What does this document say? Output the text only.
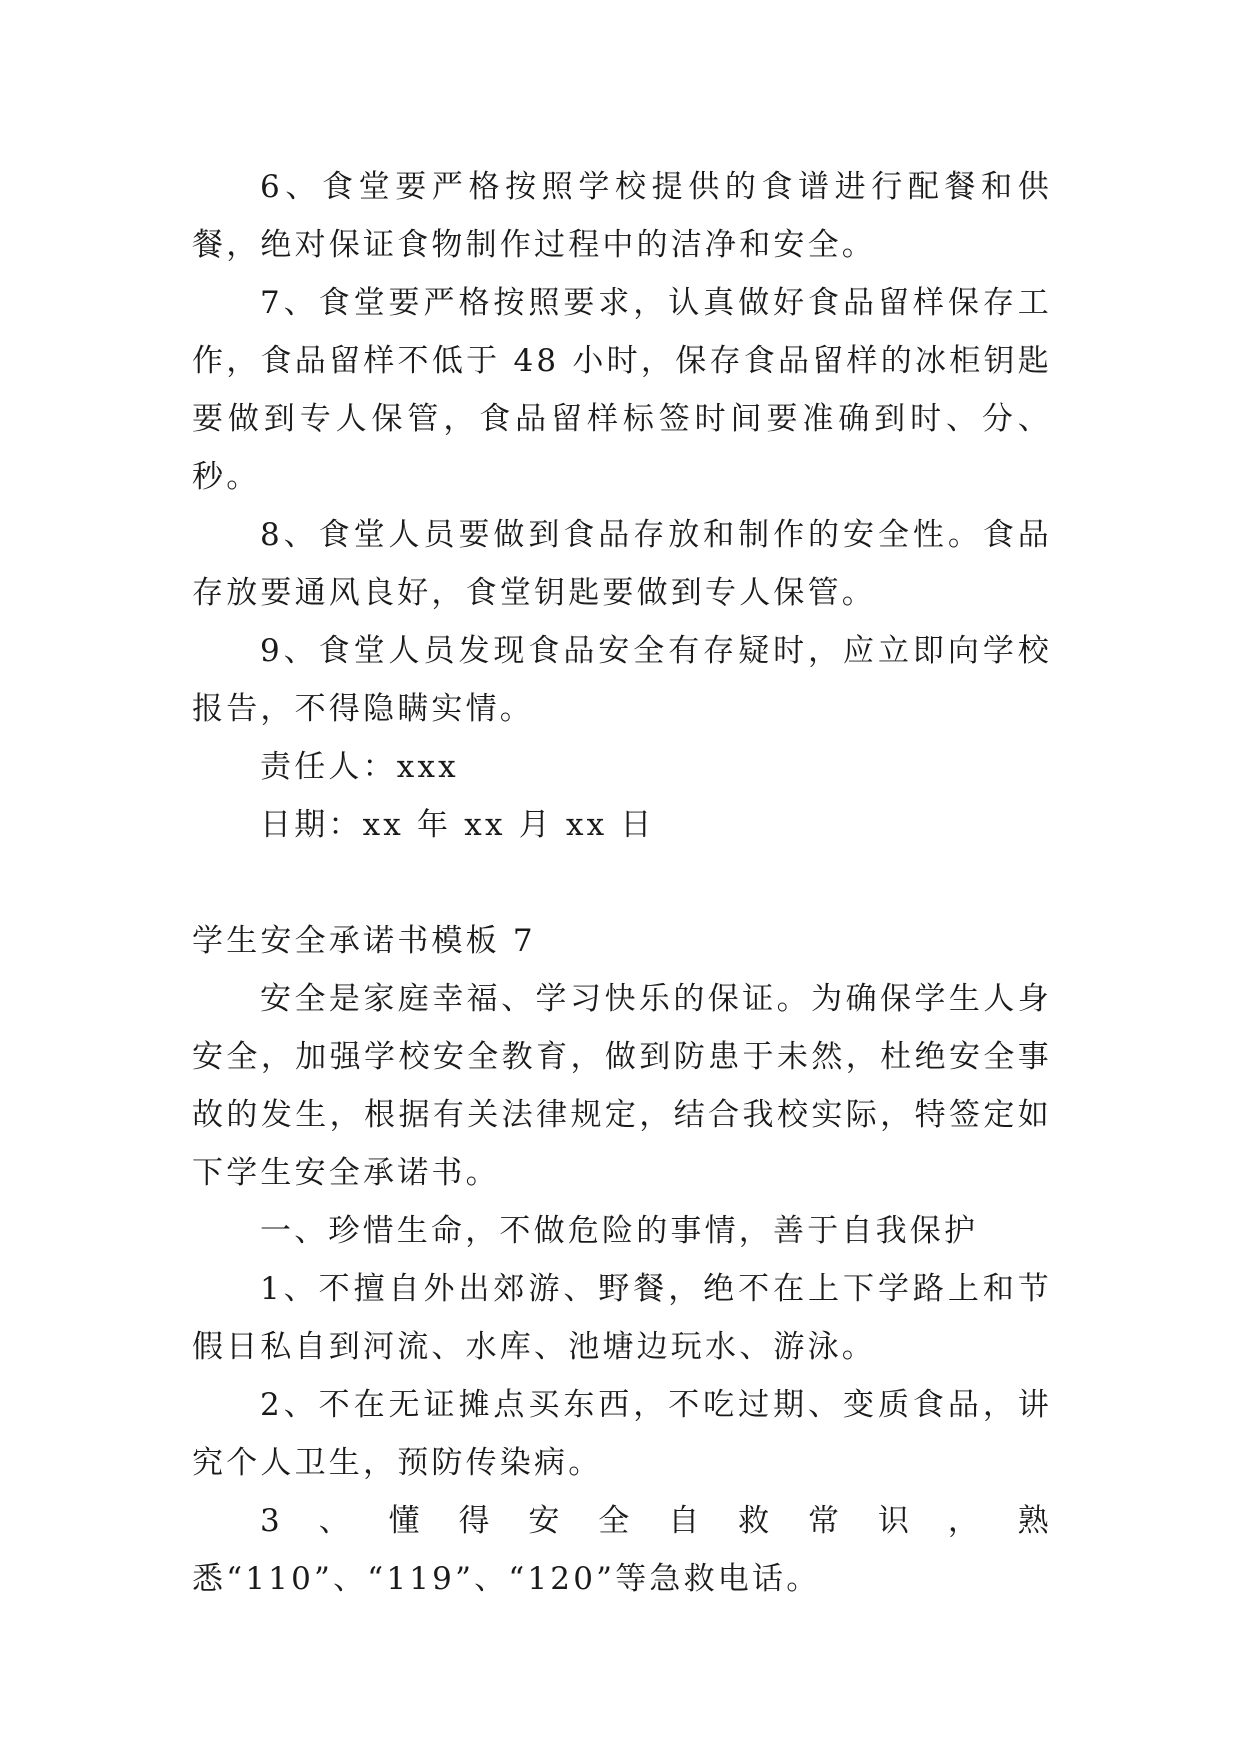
6、食堂要严格按照学校提供的食谱进行配餐和供餐，绝对保证食物制作过程中的洁净和安全。

7、食堂要严格按照要求，认真做好食品留样保存工作，食品留样不低于 48 小时，保存食品留样的冰柜钥匙要做到专人保管，食品留样标签时间要准确到时、分、秒。

8、食堂人员要做到食品存放和制作的安全性。食品存放要通风良好，食堂钥匙要做到专人保管。

9、食堂人员发现食品安全有存疑时，应立即向学校报告，不得隐瞒实情。

责任人：xxx

日期：xx 年 xx 月 xx 日

学生安全承诺书模板 7

安全是家庭幸福、学习快乐的保证。为确保学生人身安全，加强学校安全教育，做到防患于未然，杜绝安全事故的发生，根据有关法律规定，结合我校实际，特签定如下学生安全承诺书。

一、珍惜生命，不做危险的事情，善于自我保护

1、不擅自外出郊游、野餐，绝不在上下学路上和节假日私自到河流、水库、池塘边玩水、游泳。

2、不在无证摊点买东西，不吃过期、变质食品，讲究个人卫生，预防传染病。

3、懂得安全自救常识，熟悉“110”、“119”、“120”等急救电话。
